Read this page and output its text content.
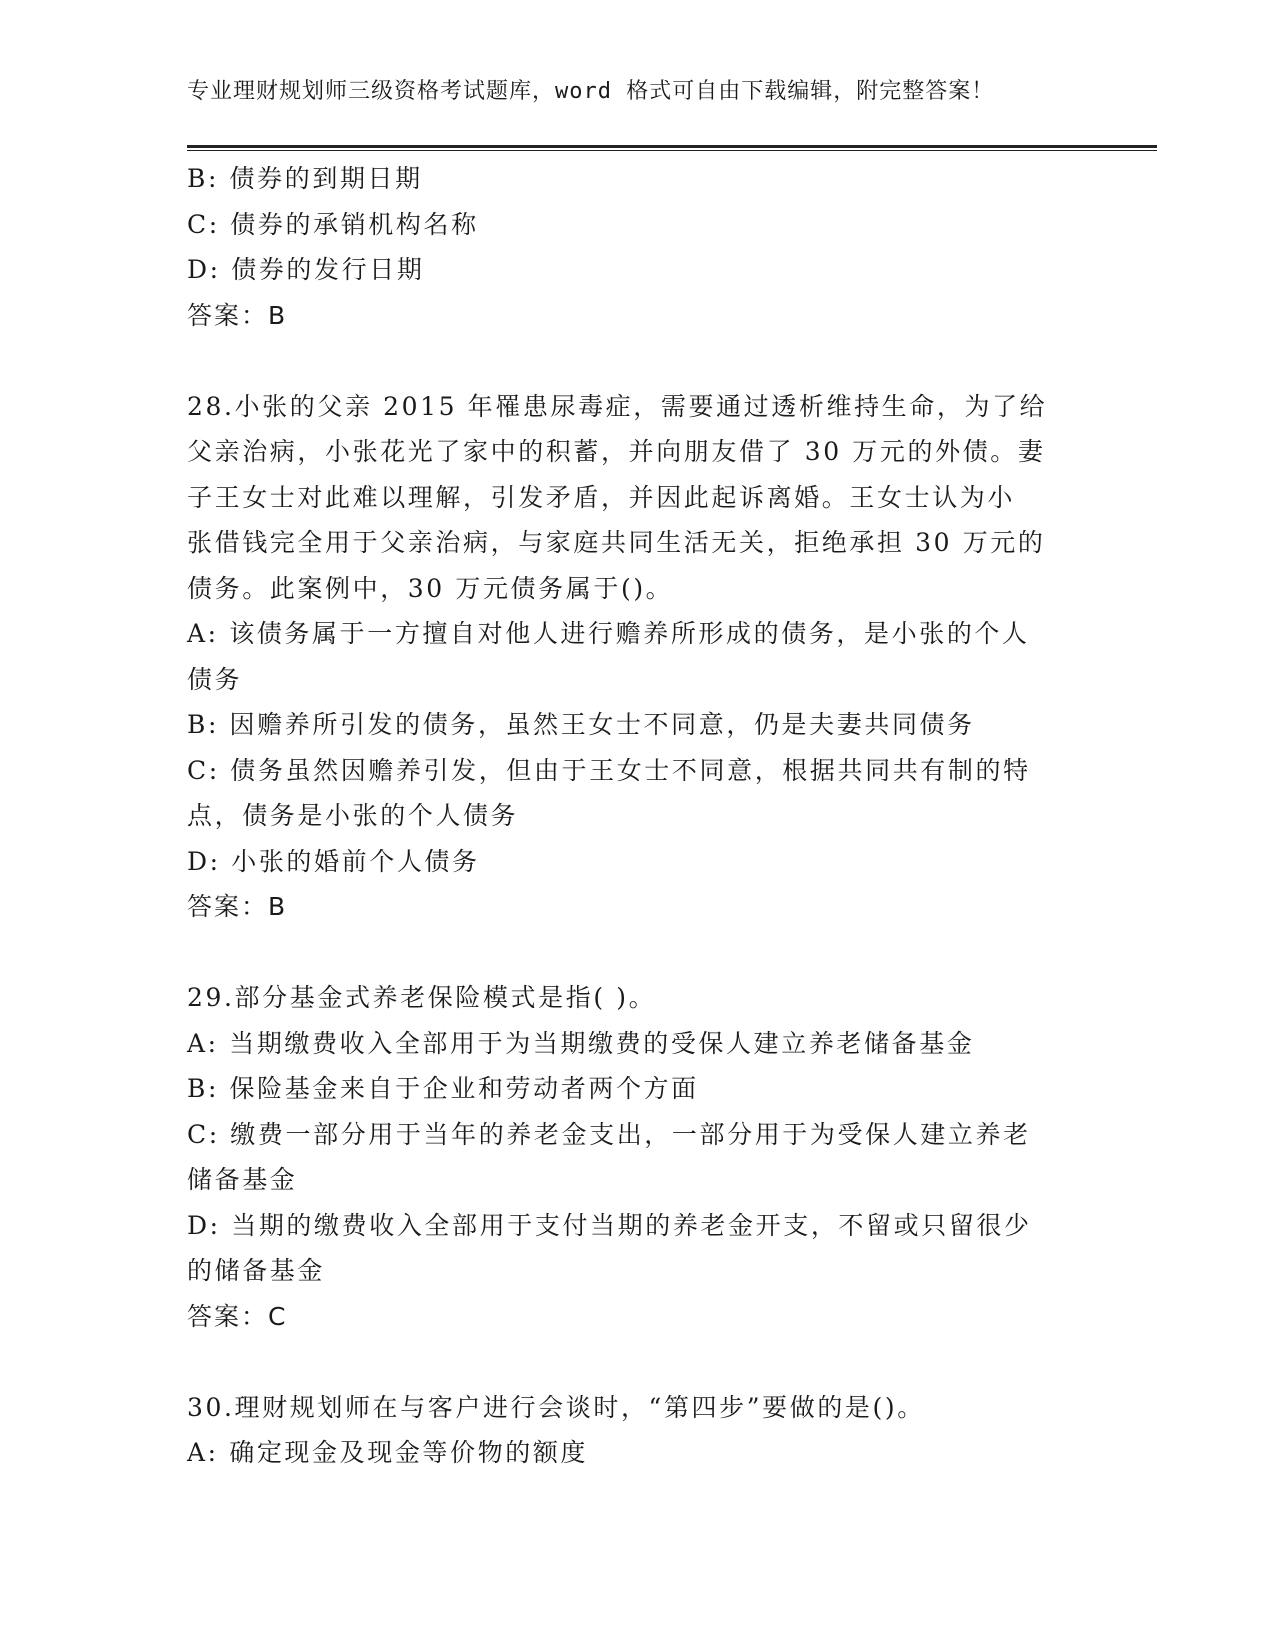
专业理财规划师三级资格考试题库，word 格式可自由下载编辑，附完整答案！
B: 债券的到期日期
C: 债券的承销机构名称
D: 债券的发行日期
答案：B
28.小张的父亲 2015 年罹患尿毒症，需要通过透析维持生命，为了给
父亲治病，小张花光了家中的积蓄，并向朋友借了 30 万元的外债。妻
子王女士对此难以理解，引发矛盾，并因此起诉离婚。王女士认为小
张借钱完全用于父亲治病，与家庭共同生活无关，拒绝承担 30 万元的
债务。此案例中，30 万元债务属于()。
A: 该债务属于一方擅自对他人进行赡养所形成的债务，是小张的个人
债务
B: 因赡养所引发的债务，虽然王女士不同意，仍是夫妻共同债务
C: 债务虽然因赡养引发，但由于王女士不同意，根据共同共有制的特
点，债务是小张的个人债务
D: 小张的婚前个人债务
答案：B
29.部分基金式养老保险模式是指( )。
A: 当期缴费收入全部用于为当期缴费的受保人建立养老储备基金
B: 保险基金来自于企业和劳动者两个方面
C: 缴费一部分用于当年的养老金支出，一部分用于为受保人建立养老
储备基金
D: 当期的缴费收入全部用于支付当期的养老金开支，不留或只留很少
的储备基金
答案：C
30.理财规划师在与客户进行会谈时，“第四步”要做的是()。
A: 确定现金及现金等价物的额度
